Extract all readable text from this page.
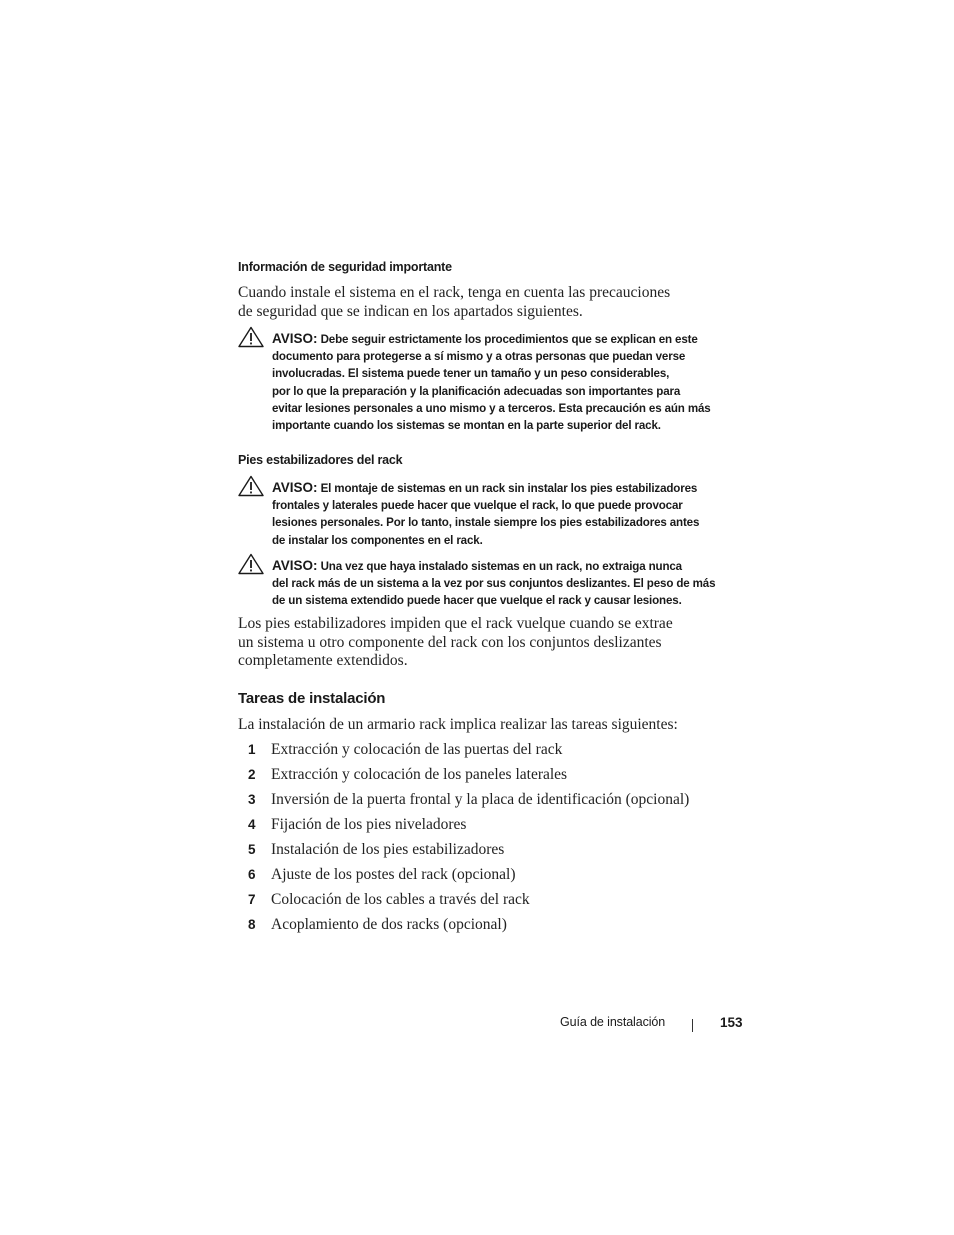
Información de seguridad importante

Cuando instale el sistema en el rack, tenga en cuenta las precauciones
de seguridad que se indican en los apartados siguientes.

AVISO: Debe seguir estrictamente los procedimientos que se explican en este
documento para protegerse a sí mismo y a otras personas que puedan verse
involucradas. El sistema puede tener un tamaño y un peso considerables,
por lo que la preparación y la planificación adecuadas son importantes para
evitar lesiones personales a uno mismo y a terceros. Esta precaución es aún más
importante cuando los sistemas se montan en la parte superior del rack.
Pies estabilizadores del rack
AVISO: El montaje de sistemas en un rack sin instalar los pies estabilizadores
frontales y laterales puede hacer que vuelque el rack, lo que puede provocar
lesiones personales. Por lo tanto, instale siempre los pies estabilizadores antes
de instalar los componentes en el rack.
AVISO: Una vez que haya instalado sistemas en un rack, no extraiga nunca
del rack más de un sistema a la vez por sus conjuntos deslizantes. El peso de más
de un sistema extendido puede hacer que vuelque el rack y causar lesiones.

Los pies estabilizadores impiden que el rack vuelque cuando se extrae
un sistema u otro componente del rack con los conjuntos deslizantes
completamente extendidos.

Tareas de instalación

La instalación de un armario rack implica realizar las tareas siguientes:

1 Extracción y colocación de las puertas del rack
2 Extracción y colocación de los paneles laterales
3 Inversión de la puerta frontal y la placa de identificación (opcional)
4 Fijación de los pies niveladores
5 Instalación de los pies estabilizadores
6 Ajuste de los postes del rack (opcional)
7 Colocación de los cables a través del rack
8 Acoplamiento de dos racks (opcional)
Guía de instalación	153
